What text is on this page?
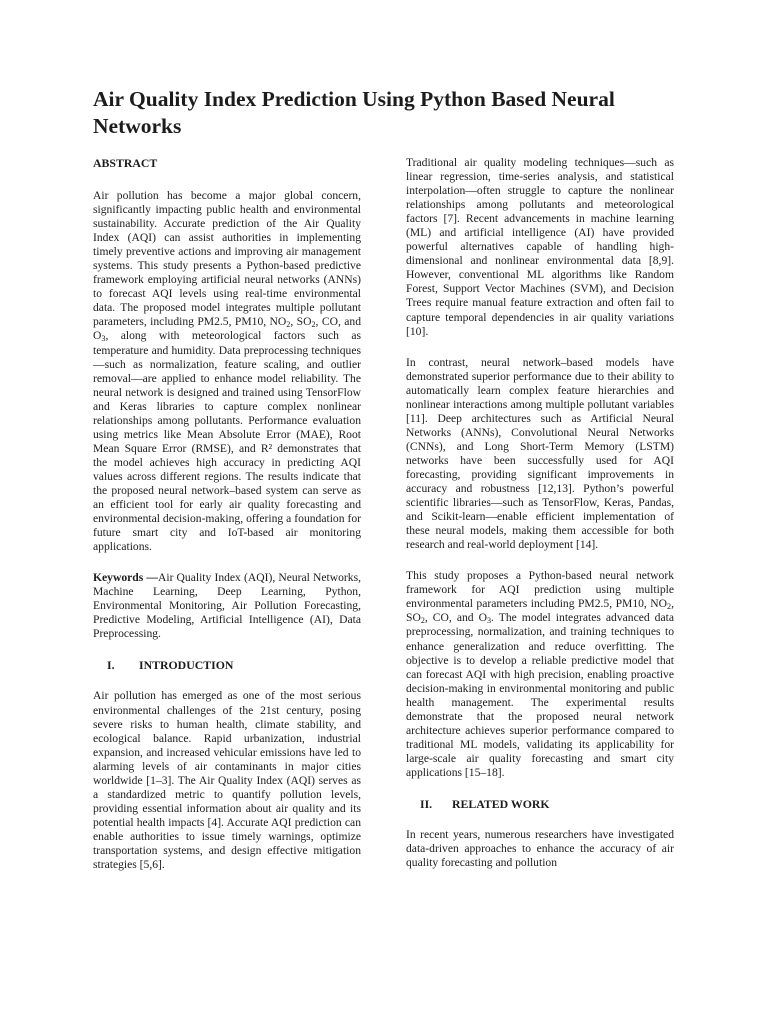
Air Quality Index Prediction Using Python Based Neural Networks
ABSTRACT

Air pollution has become a major global concern, significantly impacting public health and environmental sustainability. Accurate prediction of the Air Quality Index (AQI) can assist authorities in implementing timely preventive actions and improving air management systems. This study presents a Python-based predictive framework employing artificial neural networks (ANNs) to forecast AQI levels using real-time environmental data. The proposed model integrates multiple pollutant parameters, including PM2.5, PM10, $NO_2$, $SO_2$, CO, and $O_3$, along with meteorological factors such as temperature and humidity. Data preprocessing techniques—such as normalization, feature scaling, and outlier removal—are applied to enhance model reliability. The neural network is designed and trained using TensorFlow and Keras libraries to capture complex nonlinear relationships among pollutants. Performance evaluation using metrics like Mean Absolute Error (MAE), Root Mean Square Error (RMSE), and R² demonstrates that the model achieves high accuracy in predicting AQI values across different regions. The results indicate that the proposed neural network–based system can serve as an efficient tool for early air quality forecasting and environmental decision-making, offering a foundation for future smart city and IoT-based air monitoring applications.

Keywords —Air Quality Index (AQI), Neural Networks, Machine Learning, Deep Learning, Python, Environmental Monitoring, Air Pollution Forecasting, Predictive Modeling, Artificial Intelligence (AI), Data Preprocessing.

I.	INTRODUCTION

Air pollution has emerged as one of the most serious environmental challenges of the 21st century, posing severe risks to human health, climate stability, and ecological balance. Rapid urbanization, industrial expansion, and increased vehicular emissions have led to alarming levels of air contaminants in major cities worldwide [1–3]. The Air Quality Index (AQI) serves as a standardized metric to quantify pollution levels, providing essential information about air quality and its potential health impacts [4]. Accurate AQI prediction can enable authorities to issue timely warnings, optimize transportation systems, and design effective mitigation strategies [5,6].

Traditional air quality modeling techniques—such as linear regression, time-series analysis, and statistical interpolation—often struggle to capture the nonlinear relationships among pollutants and meteorological factors [7]. Recent advancements in machine learning (ML) and artificial intelligence (AI) have provided powerful alternatives capable of handling high-dimensional and nonlinear environmental data [8,9]. However, conventional ML algorithms like Random Forest, Support Vector Machines (SVM), and Decision Trees require manual feature extraction and often fail to capture temporal dependencies in air quality variations [10].

In contrast, neural network–based models have demonstrated superior performance due to their ability to automatically learn complex feature hierarchies and nonlinear interactions among multiple pollutant variables [11]. Deep architectures such as Artificial Neural Networks (ANNs), Convolutional Neural Networks (CNNs), and Long Short-Term Memory (LSTM) networks have been successfully used for AQI forecasting, providing significant improvements in accuracy and robustness [12,13]. Python’s powerful scientific libraries—such as TensorFlow, Keras, Pandas, and Scikit-learn—enable efficient implementation of these neural models, making them accessible for both research and real-world deployment [14].

This study proposes a Python-based neural network framework for AQI prediction using multiple environmental parameters including PM2.5, PM10, $NO_2$, $SO_2$, CO, and $O_3$. The model integrates advanced data preprocessing, normalization, and training techniques to enhance generalization and reduce overfitting. The objective is to develop a reliable predictive model that can forecast AQI with high precision, enabling proactive decision-making in environmental monitoring and public health management. The experimental results demonstrate that the proposed neural network architecture achieves superior performance compared to traditional ML models, validating its applicability for large-scale air quality forecasting and smart city applications [15–18].

II.	RELATED WORK

In recent years, numerous researchers have investigated data-driven approaches to enhance the accuracy of air quality forecasting and pollution
